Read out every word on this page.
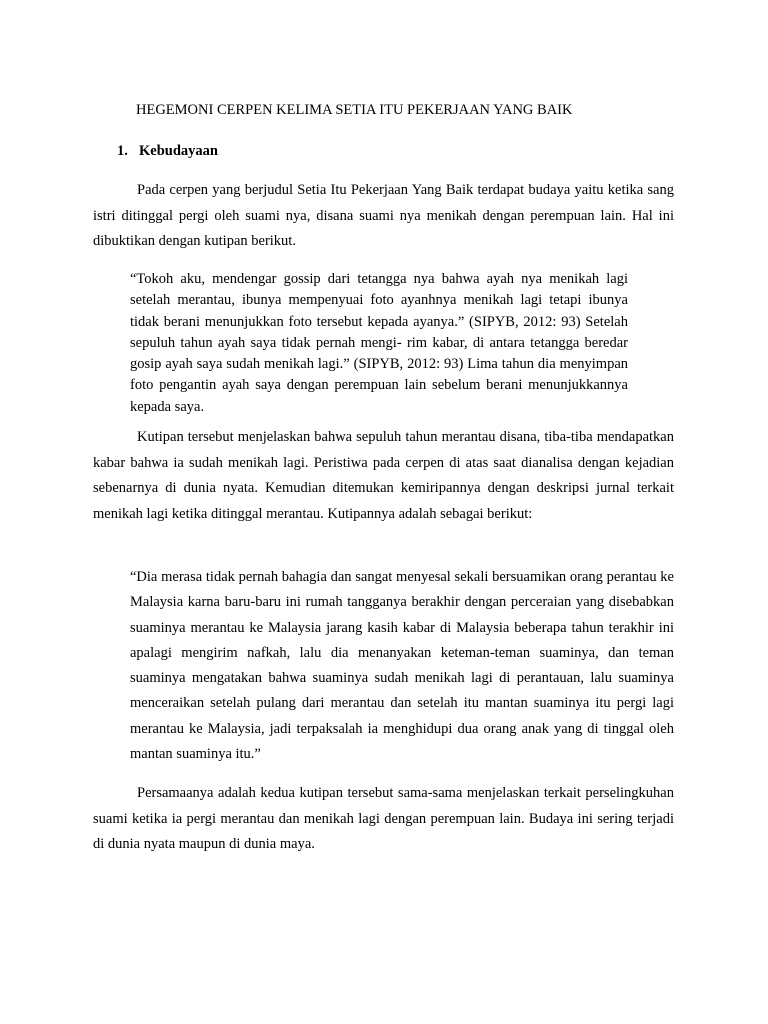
HEGEMONI CERPEN KELIMA SETIA ITU PEKERJAAN YANG BAIK
1. Kebudayaan

Pada cerpen yang berjudul Setia Itu Pekerjaan Yang Baik terdapat budaya yaitu ketika sang istri ditinggal pergi oleh suami nya, disana suami nya menikah dengan perempuan lain. Hal ini dibuktikan dengan kutipan berikut.

“Tokoh aku, mendengar gossip dari tetangga nya bahwa ayah nya menikah lagi setelah merantau, ibunya mempenyuai foto ayanhnya menikah lagi tetapi ibunya tidak berani menunjukkan foto tersebut kepada ayanya.” (SIPYB, 2012: 93) Setelah sepuluh tahun ayah saya tidak pernah mengi- rim kabar, di antara tetangga beredar gosip ayah saya sudah menikah lagi.” (SIPYB, 2012: 93) Lima tahun dia menyimpan foto pengantin ayah saya dengan perempuan lain sebelum berani menunjukkannya kepada saya.

Kutipan tersebut menjelaskan bahwa sepuluh tahun merantau disana, tiba-tiba mendapatkan kabar bahwa ia sudah menikah lagi. Peristiwa pada cerpen di atas saat dianalisa dengan kejadian sebenarnya di dunia nyata. Kemudian ditemukan kemiripannya dengan deskripsi jurnal terkait menikah lagi ketika ditinggal merantau. Kutipannya adalah sebagai berikut:

“Dia merasa tidak pernah bahagia dan sangat menyesal sekali bersuamikan orang perantau ke Malaysia karna baru-baru ini rumah tangganya berakhir dengan perceraian yang disebabkan suaminya merantau ke Malaysia jarang kasih kabar di Malaysia beberapa tahun terakhir ini apalagi mengirim nafkah, lalu dia menanyakan keteman-teman suaminya, dan teman suaminya mengatakan bahwa suaminya sudah menikah lagi di perantauan, lalu suaminya menceraikan setelah pulang dari merantau dan setelah itu mantan suaminya itu pergi lagi merantau ke Malaysia, jadi terpaksalah ia menghidupi dua orang anak yang di tinggal oleh mantan suaminya itu.”

Persamaanya adalah kedua kutipan tersebut sama-sama menjelaskan terkait perselingkuhan suami ketika ia pergi merantau dan menikah lagi dengan perempuan lain. Budaya ini sering terjadi di dunia nyata maupun di dunia maya.
